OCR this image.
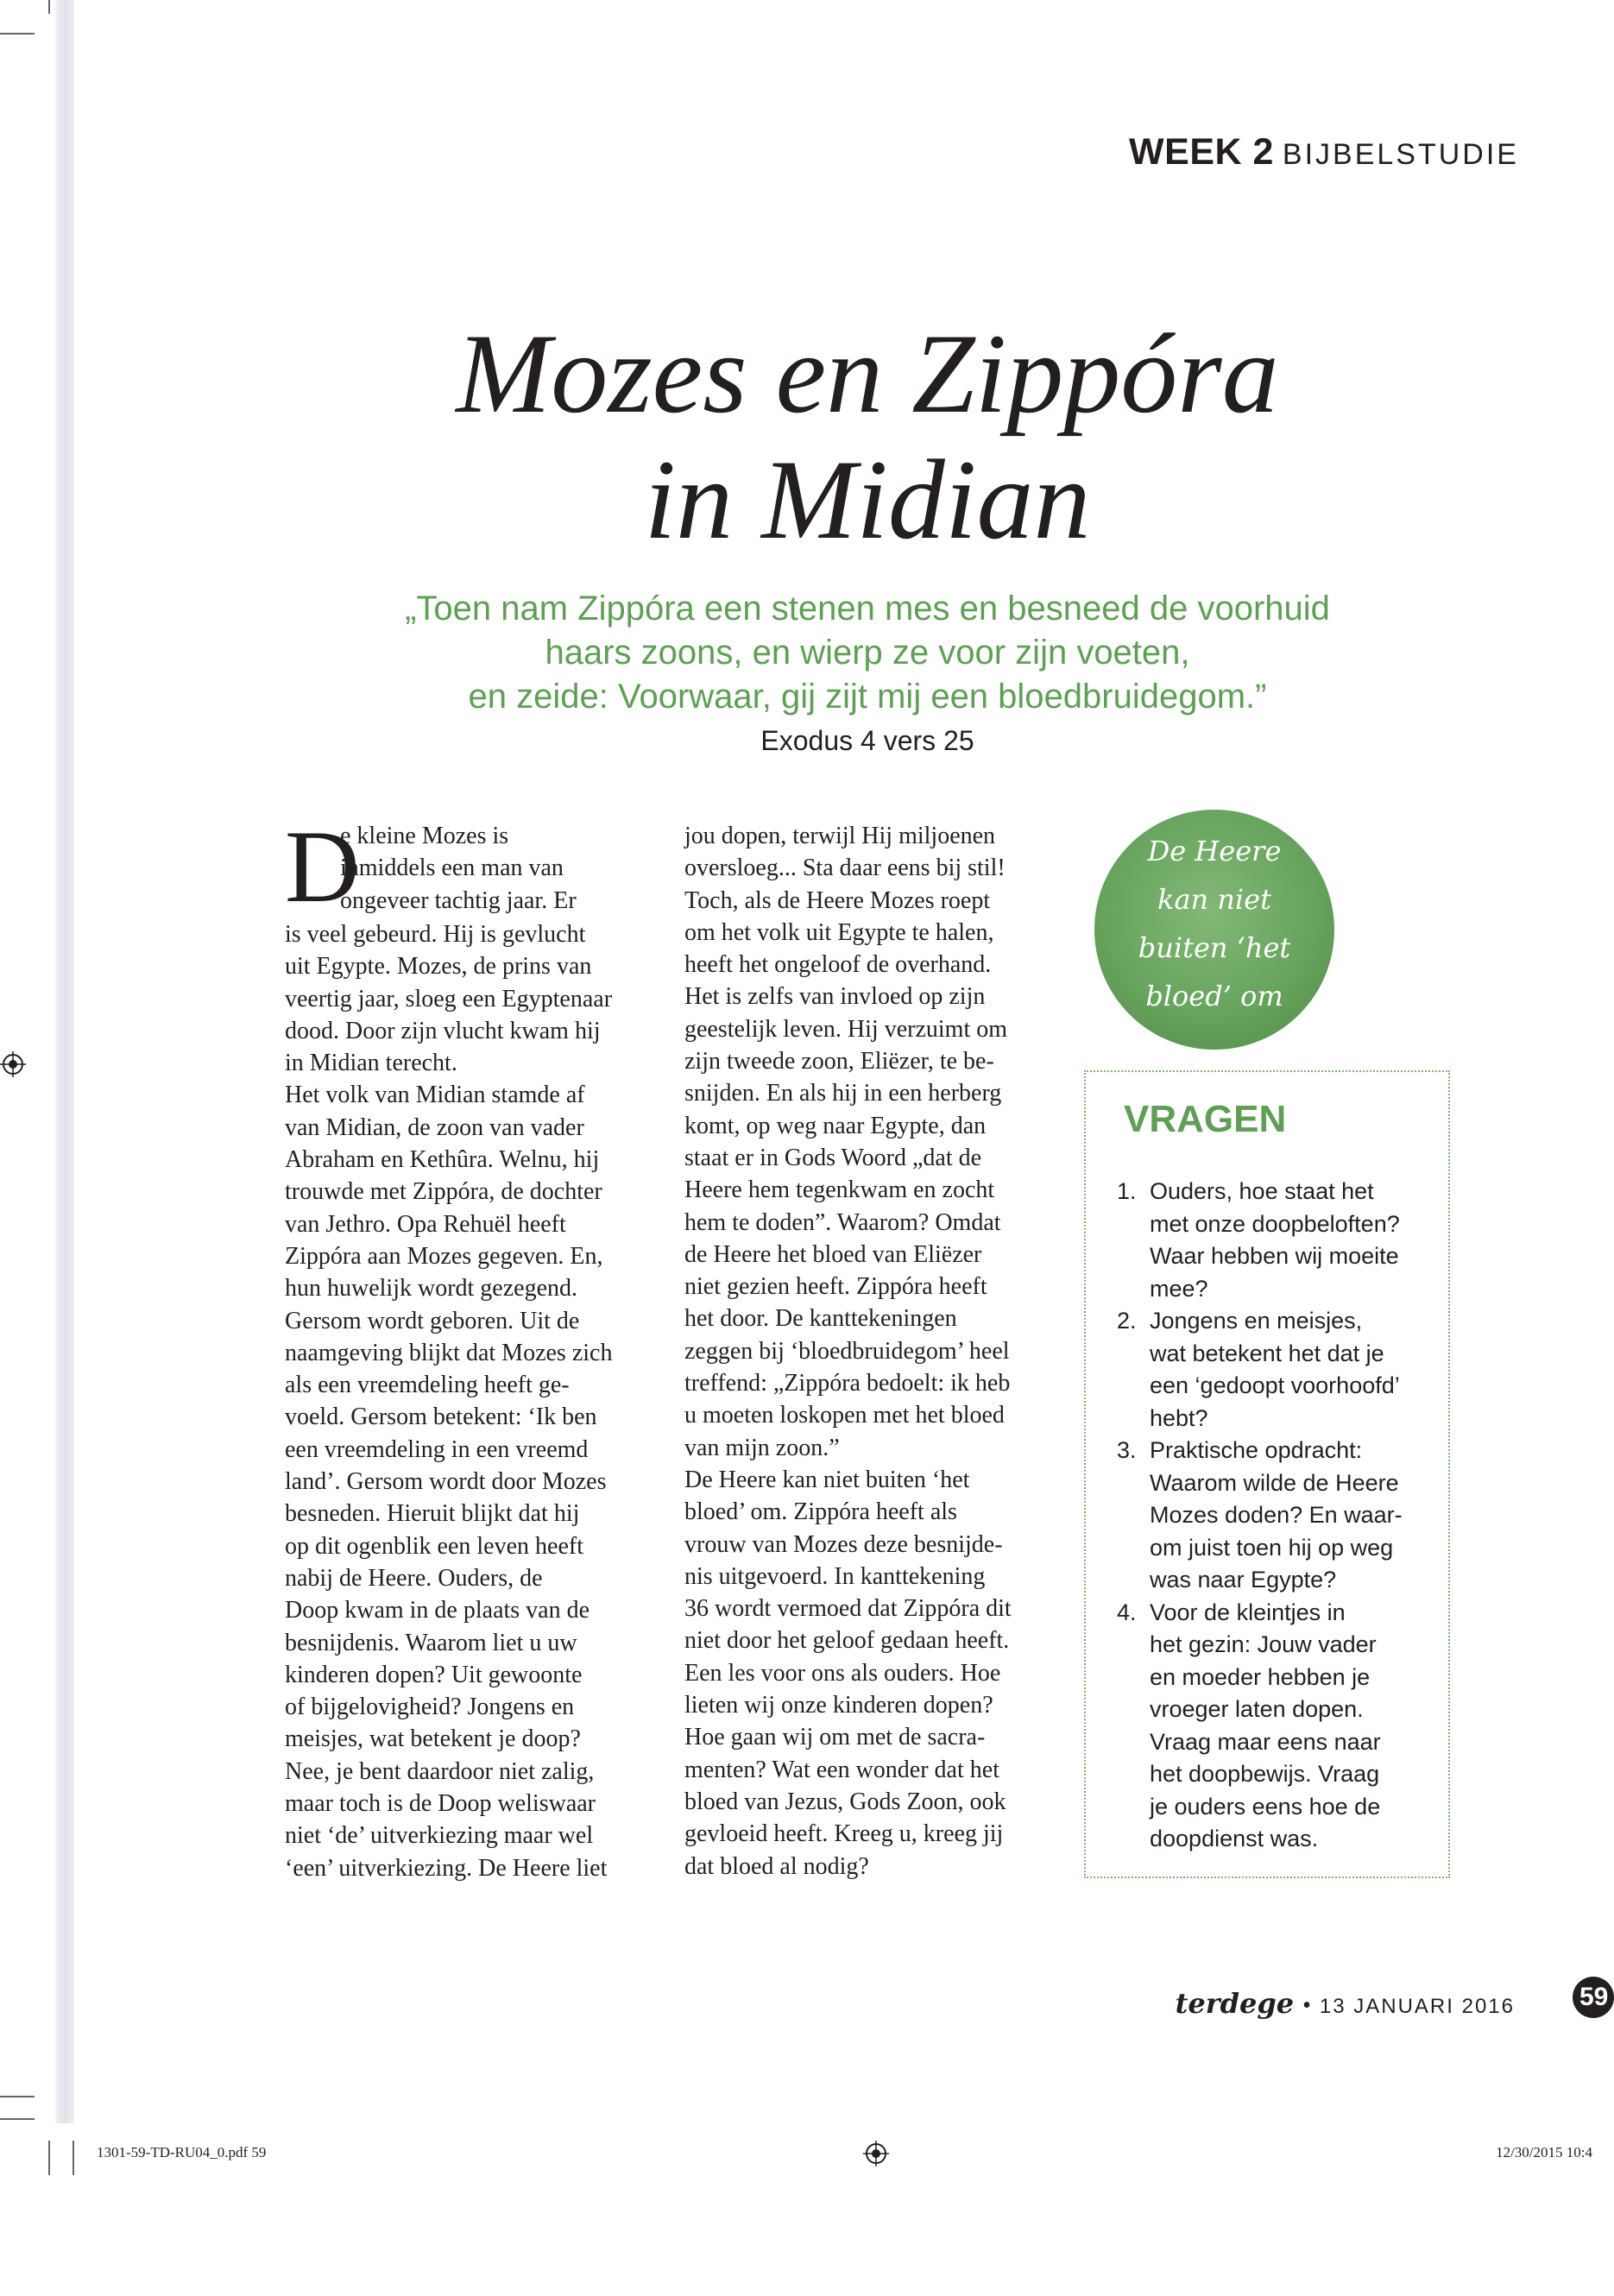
WEEK 2 BIJBELSTUDIE
Mozes en Zippóra
in Midian
„Toen nam Zippóra een stenen mes en besneed de voorhuid
haars zoons, en wierp ze voor zijn voeten,
en zeide: Voorwaar, gij zijt mij een bloedbruidegom.”
Exodus 4 vers 25
D
e kleine Mozes is
inmiddels een man van
ongeveer tachtig jaar. Er
is veel gebeurd. Hij is gevlucht
uit Egypte. Mozes, de prins van
veertig jaar, sloeg een Egyptenaar
dood. Door zijn vlucht kwam hij
in Midian terecht.
Het volk van Midian stamde af
van Midian, de zoon van vader
Abraham en Kethûra. Welnu, hij
trouwde met Zippóra, de dochter
van Jethro. Opa Rehuël heeft
Zippóra aan Mozes gegeven. En,
hun huwelijk wordt gezegend.
Gersom wordt geboren. Uit de
naamgeving blijkt dat Mozes zich
als een vreemdeling heeft ge-
voeld. Gersom betekent: ‘Ik ben
een vreemdeling in een vreemd
land’. Gersom wordt door Mozes
besneden. Hieruit blijkt dat hij
op dit ogenblik een leven heeft
nabij de Heere. Ouders, de
Doop kwam in de plaats van de
besnijdenis. Waarom liet u uw
kinderen dopen? Uit gewoonte
of bijgelovigheid? Jongens en
meisjes, wat betekent je doop?
Nee, je bent daardoor niet zalig,
maar toch is de Doop weliswaar
niet ‘de’ uitverkiezing maar wel
‘een’ uitverkiezing. De Heere liet
jou dopen, terwijl Hij miljoenen
oversloeg... Sta daar eens bij stil!
Toch, als de Heere Mozes roept
om het volk uit Egypte te halen,
heeft het ongeloof de overhand.
Het is zelfs van invloed op zijn
geestelijk leven. Hij verzuimt om
zijn tweede zoon, Eliëzer, te be-
snijden. En als hij in een herberg
komt, op weg naar Egypte, dan
staat er in Gods Woord „dat de
Heere hem tegenkwam en zocht
hem te doden”. Waarom? Omdat
de Heere het bloed van Eliëzer
niet gezien heeft. Zippóra heeft
het door. De kanttekeningen
zeggen bij ‘bloedbruidegom’ heel
treffend: „Zippóra bedoelt: ik heb
u moeten loskopen met het bloed
van mijn zoon.”
De Heere kan niet buiten ‘het
bloed’ om. Zippóra heeft als
vrouw van Mozes deze besnijde-
nis uitgevoerd. In kanttekening
36 wordt vermoed dat Zippóra dit
niet door het geloof gedaan heeft.
Een les voor ons als ouders. Hoe
lieten wij onze kinderen dopen?
Hoe gaan wij om met de sacra-
menten? Wat een wonder dat het
bloed van Jezus, Gods Zoon, ook
gevloeid heeft. Kreeg u, kreeg jij
dat bloed al nodig?
De Heere
kan niet
buiten ‘het
bloed’ om
VRAGEN
1. Ouders, hoe staat het
met onze doopbeloften?
Waar hebben wij moeite
mee?
2. Jongens en meisjes,
wat betekent het dat je
een ‘gedoopt voorhoofd’
hebt?
3. Praktische opdracht:
Waarom wilde de Heere
Mozes doden? En waar-
om juist toen hij op weg
was naar Egypte?
4. Voor de kleintjes in
het gezin: Jouw vader
en moeder hebben je
vroeger laten dopen.
Vraag maar eens naar
het doopbewijs. Vraag
je ouders eens hoe de
doopdienst was.
terdege • 13 JANUARI 2016	59
1301-59-TD-RU04_0.pdf 59	12/30/2015 10:4
